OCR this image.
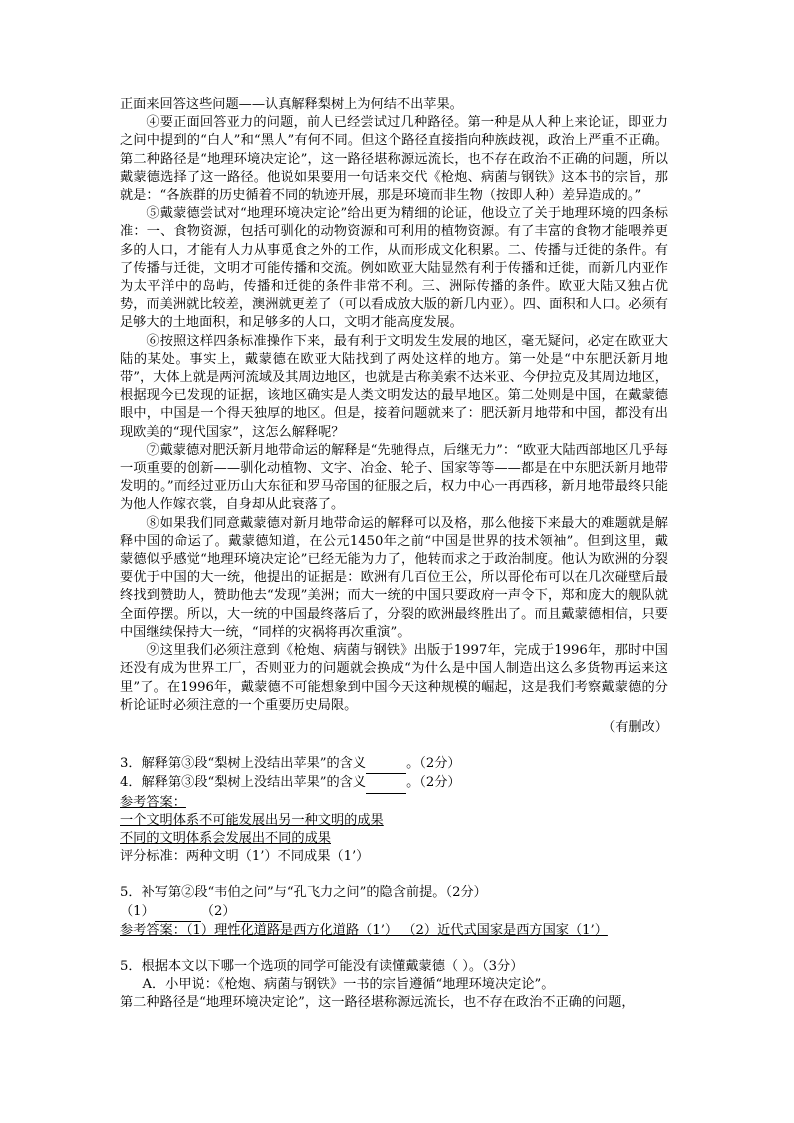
正面来回答这些问题——认真解释梨树上为何结不出苹果。

④要正面回答亚力的问题，前人已经尝试过几种路径。第一种是从人种上来论证，即亚力之问中提到的“白人”和“黑人”有何不同。但这个路径直接指向种族歧视，政治上严重不正确。第二种路径是“地理环境决定论”，这一路径堪称源远流长，也不存在政治不正确的问题，所以戴蒙德选择了这一路径。他说如果要用一句话来交代《枪炮、病菌与钢铁》这本书的宗旨，那就是：“各族群的历史循着不同的轨迹开展，那是环境而非生物（按即人种）差异造成的。”

⑤戴蒙德尝试对“地理环境决定论”给出更为精细的论证，他设立了关于地理环境的四条标准：一、食物资源，包括可驯化的动物资源和可利用的植物资源。有了丰富的食物才能喂养更多的人口，才能有人力从事觅食之外的工作，从而形成文化积累。二、传播与迁徙的条件。有了传播与迁徙，文明才可能传播和交流。例如欧亚大陆显然有利于传播和迁徙，而新几内亚作为太平洋中的岛屿，传播和迁徙的条件非常不利。三、洲际传播的条件。欧亚大陆又独占优势，而美洲就比较差，澳洲就更差了（可以看成放大版的新几内亚）。四、面积和人口。必须有足够大的土地面积，和足够多的人口，文明才能高度发展。

⑥按照这样四条标准操作下来，最有利于文明发生发展的地区，毫无疑问，必定在欧亚大陆的某处。事实上，戴蒙德在欧亚大陆找到了两处这样的地方。第一处是“中东肥沃新月地带”，大体上就是两河流域及其周边地区，也就是古称美索不达米亚、今伊拉克及其周边地区，根据现今已发现的证据，该地区确实是人类文明发达的最早地区。第二处则是中国，在戴蒙德眼中，中国是一个得天独厚的地区。但是，接着问题就来了：肥沃新月地带和中国，都没有出现欧美的“现代国家”，这怎么解释呢？

⑦戴蒙德对肥沃新月地带命运的解释是“先驰得点，后继无力”：“欧亚大陆西部地区几乎每一项重要的创新——驯化动植物、文字、冶金、轮子、国家等等——都是在中东肥沃新月地带发明的。”而经过亚历山大东征和罗马帝国的征服之后，权力中心一再西移，新月地带最终只能为他人作嫁衣裳，自身却从此衰落了。

⑧如果我们同意戴蒙德对新月地带命运的解释可以及格，那么他接下来最大的难题就是解释中国的命运了。戴蒙德知道，在公元1450年之前“中国是世界的技术领袖”。但到这里，戴蒙德似乎感觉“地理环境决定论”已经无能为力了，他转而求之于政治制度。他认为欧洲的分裂要优于中国的大一统，他提出的证据是：欧洲有几百位王公，所以哥伦布可以在几次碰壁后最终找到赞助人，赞助他去“发现”美洲；而大一统的中国只要政府一声令下，郑和庞大的舰队就全面停摆。所以，大一统的中国最终落后了，分裂的欧洲最终胜出了。而且戴蒙德相信，只要中国继续保持大一统，“同样的灾祸将再次重演”。

⑨这里我们必须注意到《枪炮、病菌与钢铁》出版于1997年，完成于1996年，那时中国还没有成为世界工厂，否则亚力的问题就会换成“为什么是中国人制造出这么多货物再运来这里”了。在1996年，戴蒙德不可能想象到中国今天这种规模的崛起，这是我们考察戴蒙德的分析论证时必须注意的一个重要历史局限。

（有删改）

3．解释第③段“梨树上没结出苹果”的含义	。（2分）

4．解释第③段“梨树上没结出苹果”的含义	。（2分）

参考答案：

一个文明体系不可能发展出另一种文明的成果

不同的文明体系会发展出不同的成果

评分标准：两种文明（1’）不同成果（1’）

5．补写第②段“韦伯之问”与“孔飞力之问”的隐含前提。（2分）

（1）	（2）

参考答案：（1）理性化道路是西方化道路（1’） （2）近代式国家是西方国家（1’）

5．根据本文以下哪一个选项的同学可能没有读懂戴蒙德（ ）。（3分）

A．小甲说：《枪炮、病菌与钢铁》一书的宗旨遵循“地理环境决定论”。

第二种路径是“地理环境决定论”，这一路径堪称源远流长，也不存在政治不正确的问题，
